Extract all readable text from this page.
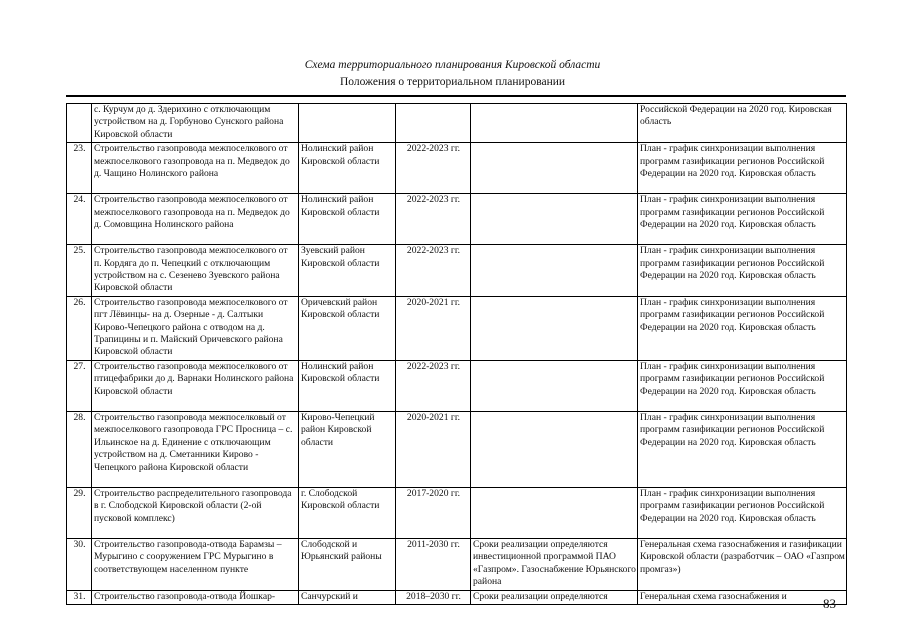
Схема территориального планирования Кировской области
Положения о территориальном планировании
	с. Курчум до д. Здерихино с отключающим устройством на д. Горбуново Сунского района Кировской области				Российской Федерации на 2020 год. Кировская область
23.	Строительство газопровода межпоселкового от межпоселкового газопровода на п. Медведок до д. Чащино Нолинского района	Нолинский район Кировской области	2022-2023 гг.		План - график синхронизации выполнения программ газификации регионов Российской Федерации на 2020 год. Кировская область
24.	Строительство газопровода межпоселкового от межпоселкового газопровода на п. Медведок до д. Сомовщина Нолинского района	Нолинский район Кировской области	2022-2023 гг.		План - график синхронизации выполнения программ газификации регионов Российской Федерации на 2020 год. Кировская область
25.	Строительство газопровода межпоселкового от п. Кордяга до п. Чепецкий с отключающим устройством на с. Сезенево Зуевского района Кировской области	Зуевский район Кировской области	2022-2023 гг.		План - график синхронизации выполнения программ газификации регионов Российской Федерации на 2020 год. Кировская область
26.	Строительство газопровода межпоселкового от пгт Лёвинцы- на д. Озерные - д. Салтыки Кирово-Чепецкого района с отводом на д. Трапицины и п. Майский Оричевского района Кировской области	Оричевский район Кировской области	2020-2021 гг.		План - график синхронизации выполнения программ газификации регионов Российской Федерации на 2020 год. Кировская область
27.	Строительство газопровода межпоселкового от птицефабрики до д. Варнаки Нолинского района Кировской области	Нолинский район Кировской области	2022-2023 гг.		План - график синхронизации выполнения программ газификации регионов Российской Федерации на 2020 год. Кировская область
28.	Строительство газопровода межпоселковый от межпоселкового газопровода ГРС Просница – с. Ильинское на д. Единение с отключающим устройством на д. Сметанники Кирово - Чепецкого района Кировской области	Кирово-Чепецкий район Кировской области	2020-2021 гг.		План - график синхронизации выполнения программ газификации регионов Российской Федерации на 2020 год. Кировская область
29.	Строительство распределительного газопровода в г. Слободской Кировской области (2-ой пусковой комплекс)	г. Слободской Кировской области	2017-2020 гг.		План - график синхронизации выполнения программ газификации регионов Российской Федерации на 2020 год. Кировская область
30.	Строительство газопровода-отвода Барамзы – Мурыгино с сооружением ГРС Мурыгино в соответствующем населенном пункте	Слободской и Юрьянский районы	2011-2030 гг.	Сроки реализации определяются инвестиционной программой ПАО «Газпром». Газоснабжение Юрьянского района	Генеральная схема газоснабжения и газификации Кировской области (разработчик – ОАО «Газпром промгаз»)
31.	Строительство газопровода-отвода Йошкар-	Санчурский и	2018–2030 гг.	Сроки реализации определяются	Генеральная схема газоснабжения и	83
